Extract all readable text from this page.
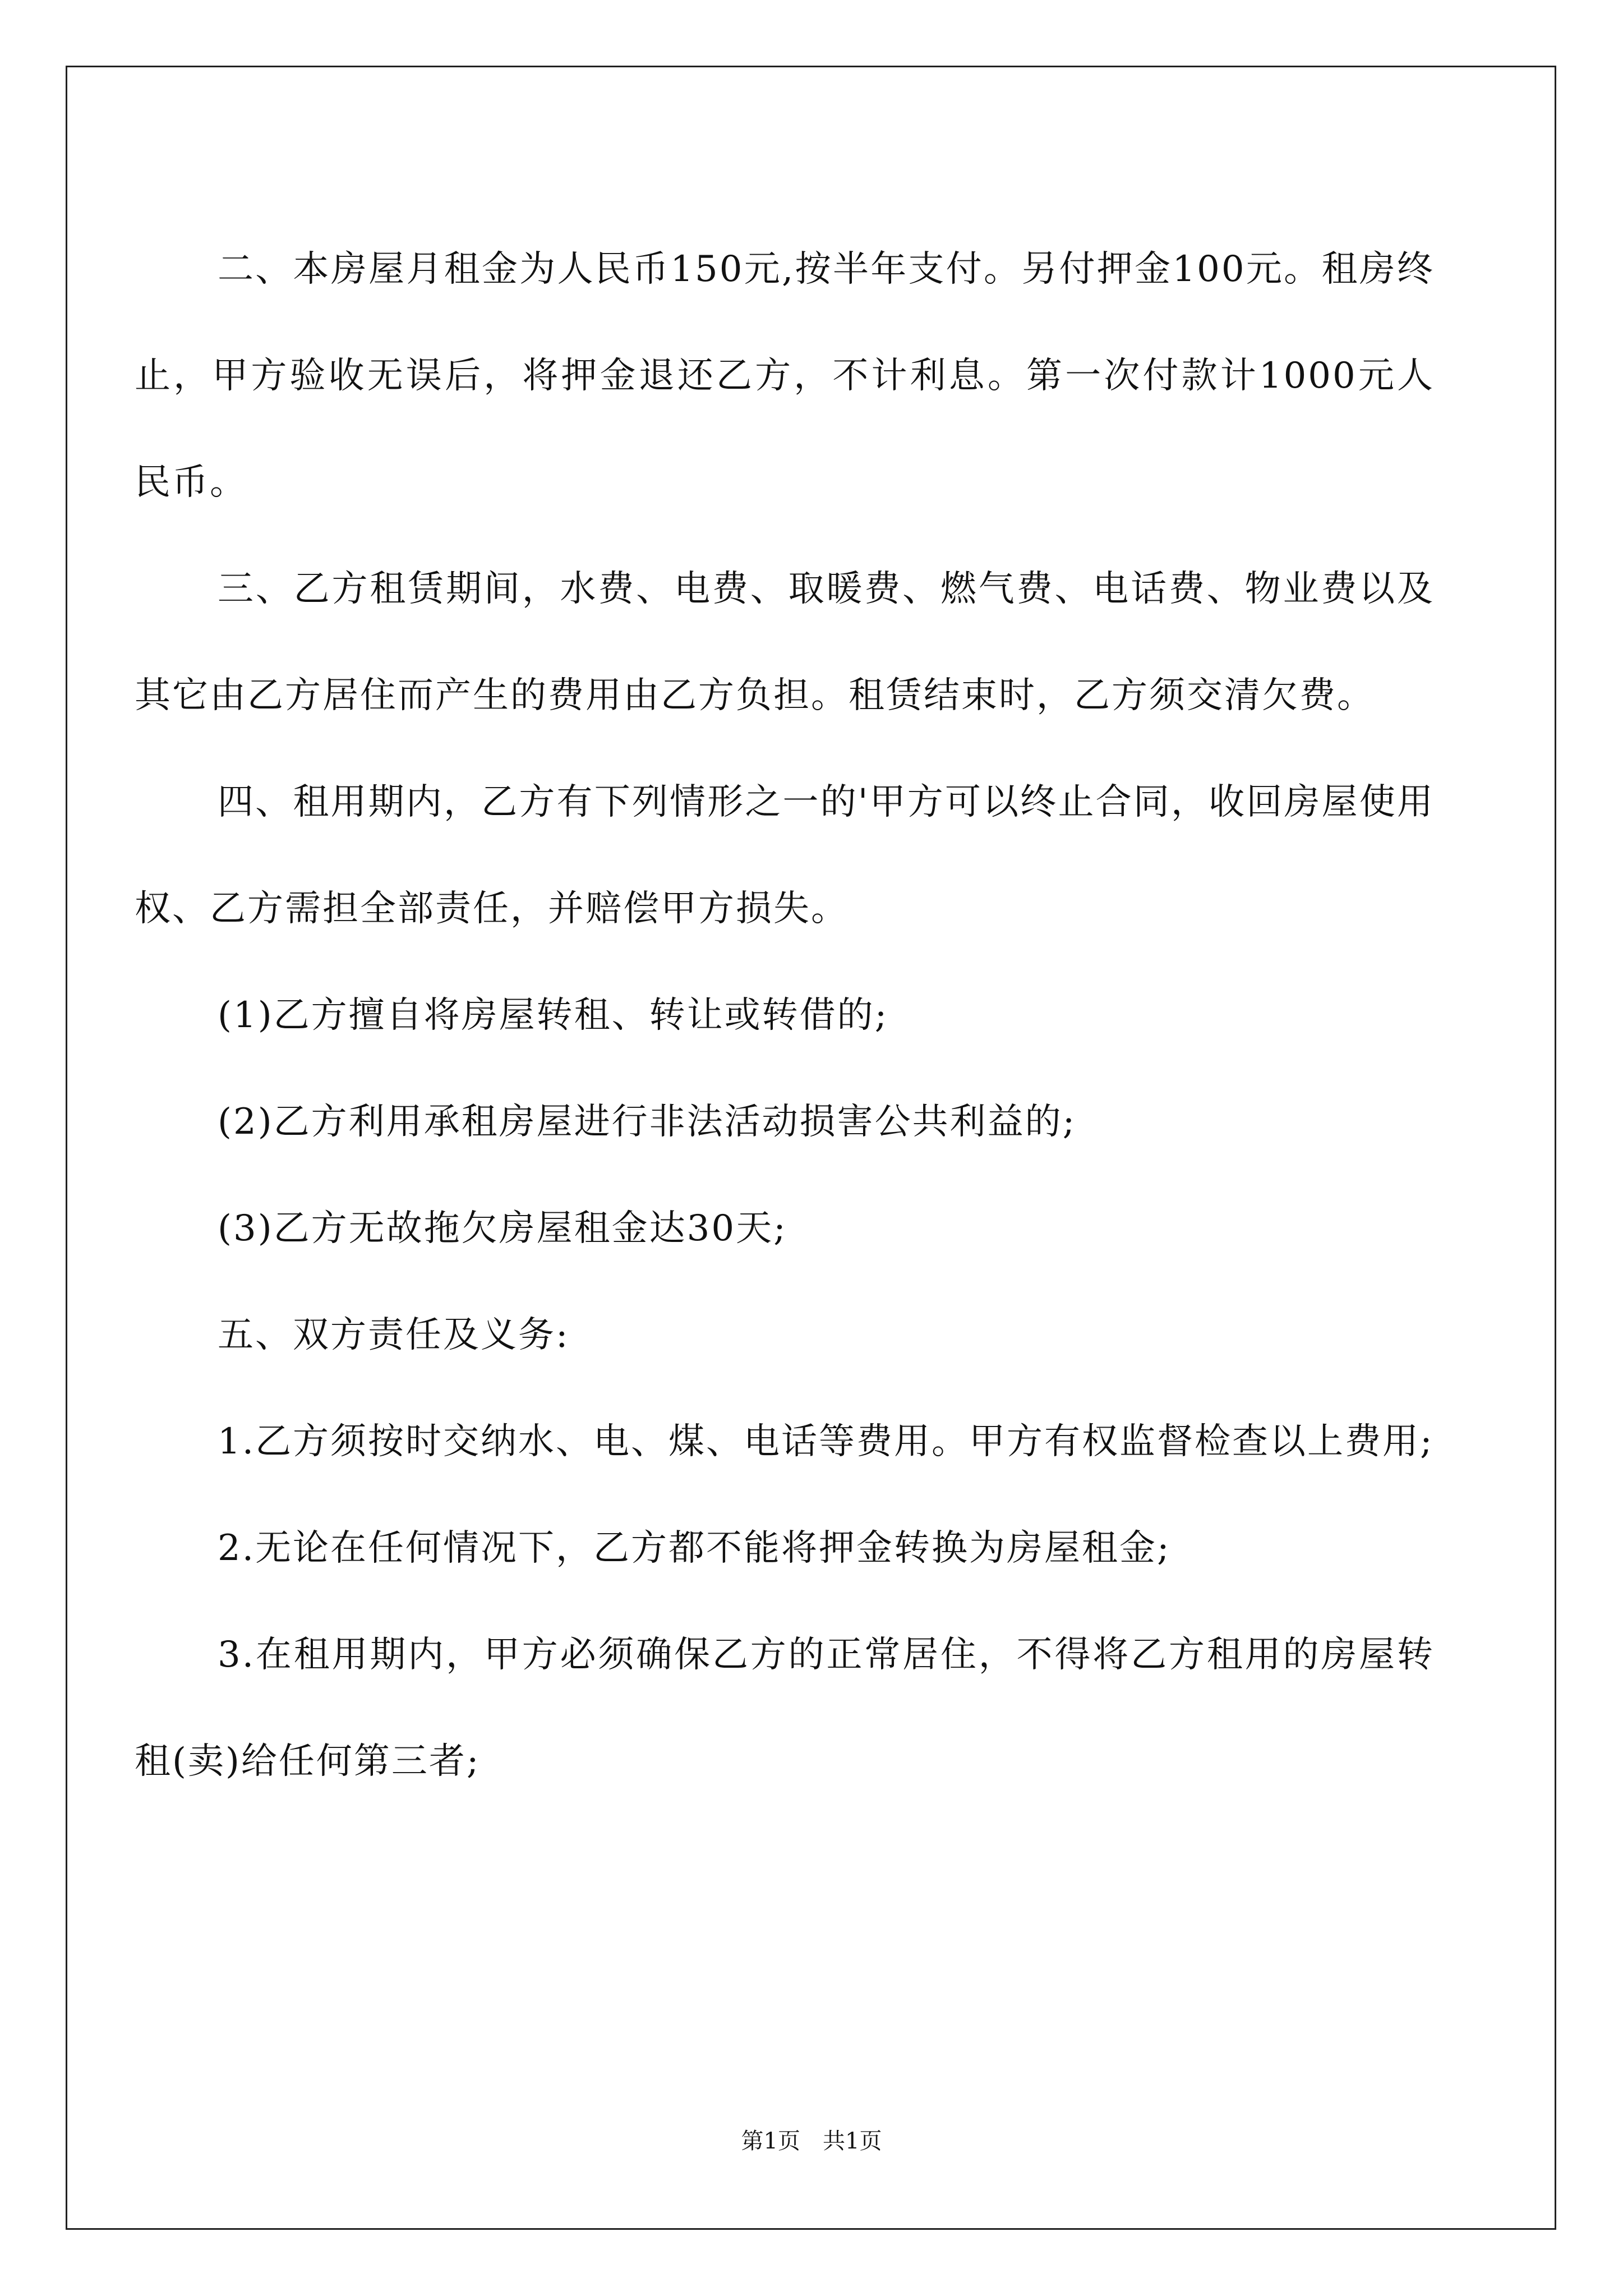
二、本房屋月租金为人民币150元,按半年支付。另付押金100元。租房终止，甲方验收无误后，将押金退还乙方，不计利息。第一次付款计1000元人民币。

三、乙方租赁期间，水费、电费、取暖费、燃气费、电话费、物业费以及其它由乙方居住而产生的费用由乙方负担。租赁结束时，乙方须交清欠费。

四、租用期内，乙方有下列情形之一的'甲方可以终止合同，收回房屋使用权、乙方需担全部责任，并赔偿甲方损失。

(1)乙方擅自将房屋转租、转让或转借的;

(2)乙方利用承租房屋进行非法活动损害公共利益的;

(3)乙方无故拖欠房屋租金达30天;

五、双方责任及义务:

1.乙方须按时交纳水、电、煤、电话等费用。甲方有权监督检查以上费用;

2.无论在任何情况下，乙方都不能将押金转换为房屋租金;

3.在租用期内，甲方必须确保乙方的正常居住，不得将乙方租用的房屋转租(卖)给任何第三者;

第1页　共1页
